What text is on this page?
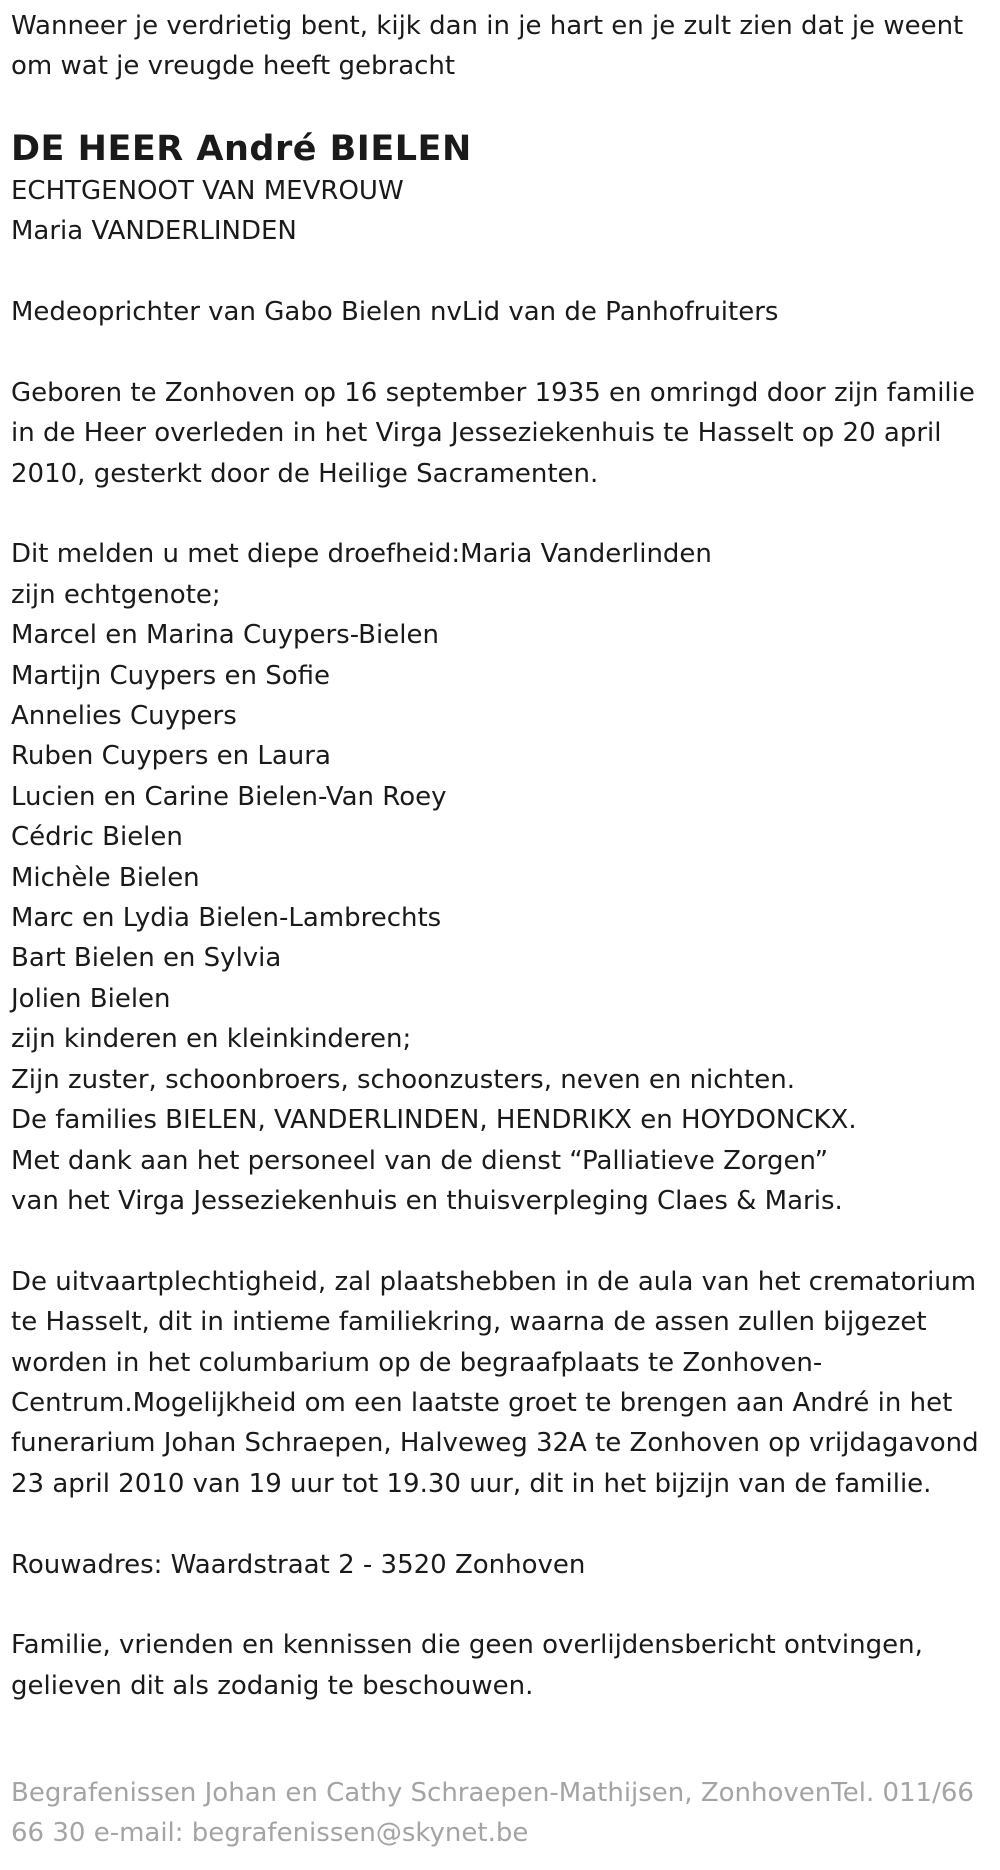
Wanneer je verdrietig bent, kijk dan in je hart en je zult zien dat je weent om wat je vreugde heeft gebracht

DE HEER André BIELEN

ECHTGENOOT VAN MEVROUW

Maria VANDERLINDEN

Medeoprichter van Gabo Bielen nvLid van de Panhofruiters

Geboren te Zonhoven op 16 september 1935 en omringd door zijn familie in de Heer overleden in het Virga Jesseziekenhuis te Hasselt op 20 april 2010, gesterkt door de Heilige Sacramenten.

Dit melden u met diepe droefheid:Maria Vanderlinden

zijn echtgenote;

Marcel en Marina Cuypers-Bielen

Martijn Cuypers en Sofie

Annelies Cuypers

Ruben Cuypers en Laura

Lucien en Carine Bielen-Van Roey

Cédric Bielen

Michèle Bielen

Marc en Lydia Bielen-Lambrechts

Bart Bielen en Sylvia

Jolien Bielen

zijn kinderen en kleinkinderen;

Zijn zuster, schoonbroers, schoonzusters, neven en nichten.

De families BIELEN, VANDERLINDEN, HENDRIKX en HOYDONCKX.

Met dank aan het personeel van de dienst “Palliatieve Zorgen”

van het Virga Jesseziekenhuis en thuisverpleging Claes & Maris.

De uitvaartplechtigheid, zal plaatshebben in de aula van het crematorium te Hasselt, dit in intieme familiekring, waarna de assen zullen bijgezet worden in het columbarium op de begraafplaats te Zonhoven-Centrum.Mogelijkheid om een laatste groet te brengen aan André in het funerarium Johan Schraepen, Halveweg 32A te Zonhoven op vrijdagavond 23 april 2010 van 19 uur tot 19.30 uur, dit in het bijzijn van de familie.

Rouwadres: Waardstraat 2 - 3520 Zonhoven

Familie, vrienden en kennissen die geen overlijdensbericht ontvingen, gelieven dit als zodanig te beschouwen.

Begrafenissen Johan en Cathy Schraepen-Mathijsen, ZonhovenTel. 011/66 66 30 e-mail: begrafenissen@skynet.be
